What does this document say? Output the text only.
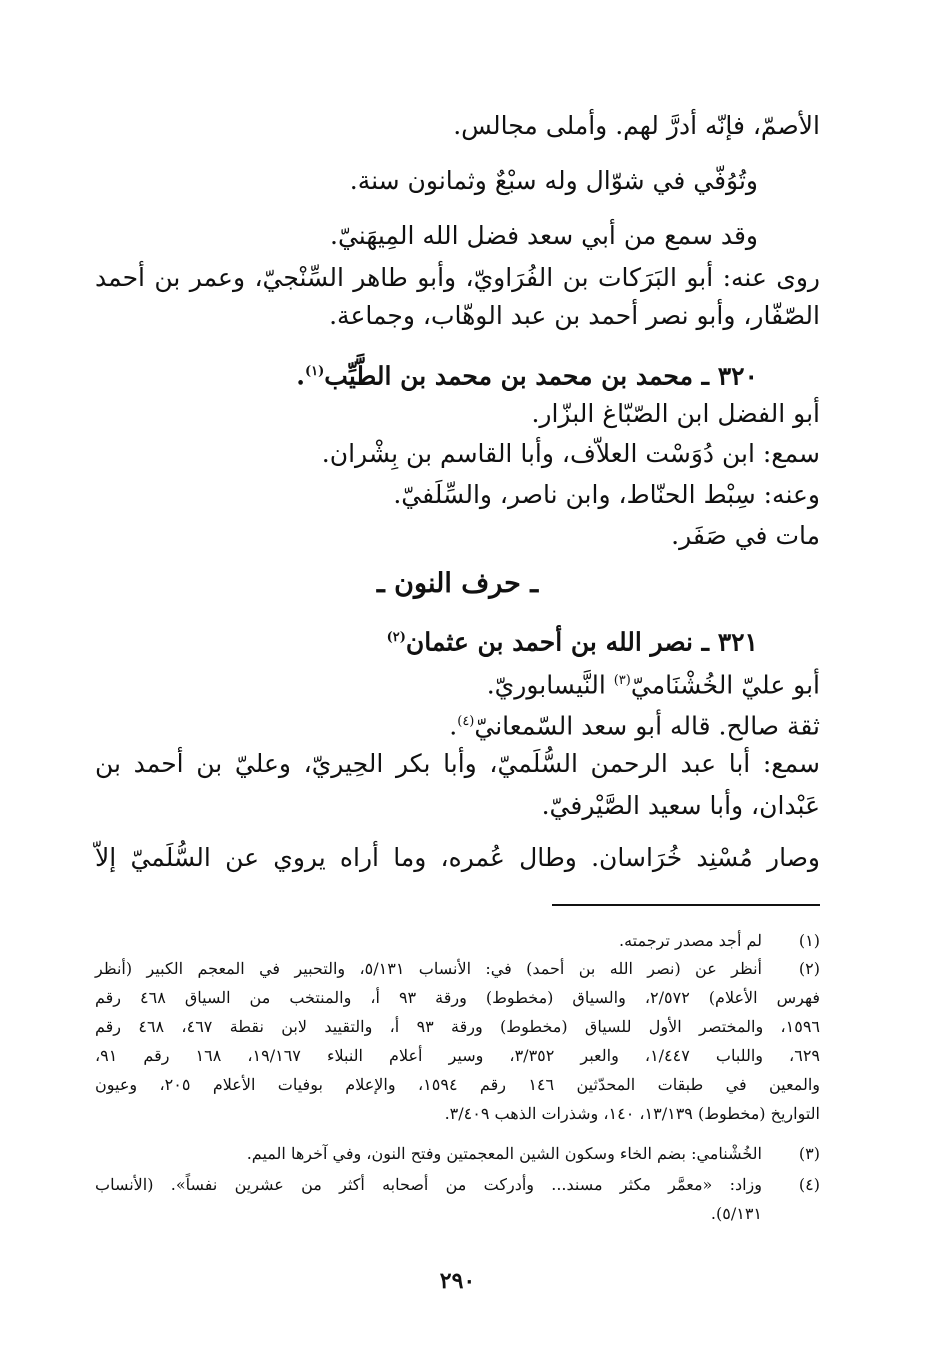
الأصمّ، فإنّه أدرَّ لهم. وأملى مجالس.
وتُوُفّي في شوّال وله سبْعٌ وثمانون سنة.
وقد سمع من أبي سعد فضل الله المِيهَنيّ.
روى عنه: أبو البَرَكات بن الفُرَاويّ، وأبو طاهر السِّنْجيّ، وعمر بن أحمد
الصّفّار، وأبو نصر أحمد بن عبد الوهّاب، وجماعة.
٣٢٠ ـ محمد بن محمد بن محمد بن الطَّيِّب$^{(١)}$.
أبو الفضل ابن الصّبّاغ البزّار.
سمع: ابن دُوَسْت العلاّف، وأبا القاسم بن بِشْران.
وعنه: سِبْط الحنّاط، وابن ناصر، والسِّلَفيّ.
مات في صَفَر.
ـ حرف النون ـ
٣٢١ ـ نصر الله بن أحمد بن عثمان$^{(٢)}$
أبو عليّ الخُشْنَاميّ$^{(٣)}$ النَّيسابوريّ.
ثقة صالح. قاله أبو سعد السّمعانيّ$^{(٤)}$.
سمع: أبا عبد الرحمن السُّلَميّ، وأبا بكر الحِيريّ، وعليّ بن أحمد بن
عَبْدان، وأبا سعيد الصَّيْرفيّ.
وصار مُسْنِد خُرَاسان. وطال عُمره، وما أراه يروي عن السُّلَميّ إلاّ
(١)
لم أجد مصدر ترجمته.
(٢)
أنظر عن (نصر الله بن أحمد) في: الأنساب ٥/١٣١، والتحبير في المعجم الكبير (أنظر
فهرس الأعلام) ٢/٥٧٢، والسياق (مخطوط) ورقة ٩٣ أ، والمنتخب من السياق ٤٦٨ رقم
١٥٩٦، والمختصر الأول للسياق (مخطوط) ورقة ٩٣ أ، والتقييد لابن نقطة ٤٦٧، ٤٦٨ رقم
٦٢٩، واللباب ١/٤٤٧، والعبر ٣/٣٥٢، وسير أعلام النبلاء ١٩/١٦٧، ١٦٨ رقم ٩١،
والمعين في طبقات المحدّثين ١٤٦ رقم ١٥٩٤، والإعلام بوفيات الأعلام ٢٠٥، وعيون
التواريخ (مخطوط) ١٣/١٣٩، ١٤٠، وشذرات الذهب ٣/٤٠٩.
(٣)
الخُشْنامي: بضم الخاء وسكون الشين المعجمتين وفتح النون، وفي آخرها الميم.
(٤)
وزاد: «معمَّر مكثر مسند... وأدركت من أصحابه أكثر من عشرين نفساً». (الأنساب
٥/١٣١).
٢٩٠
